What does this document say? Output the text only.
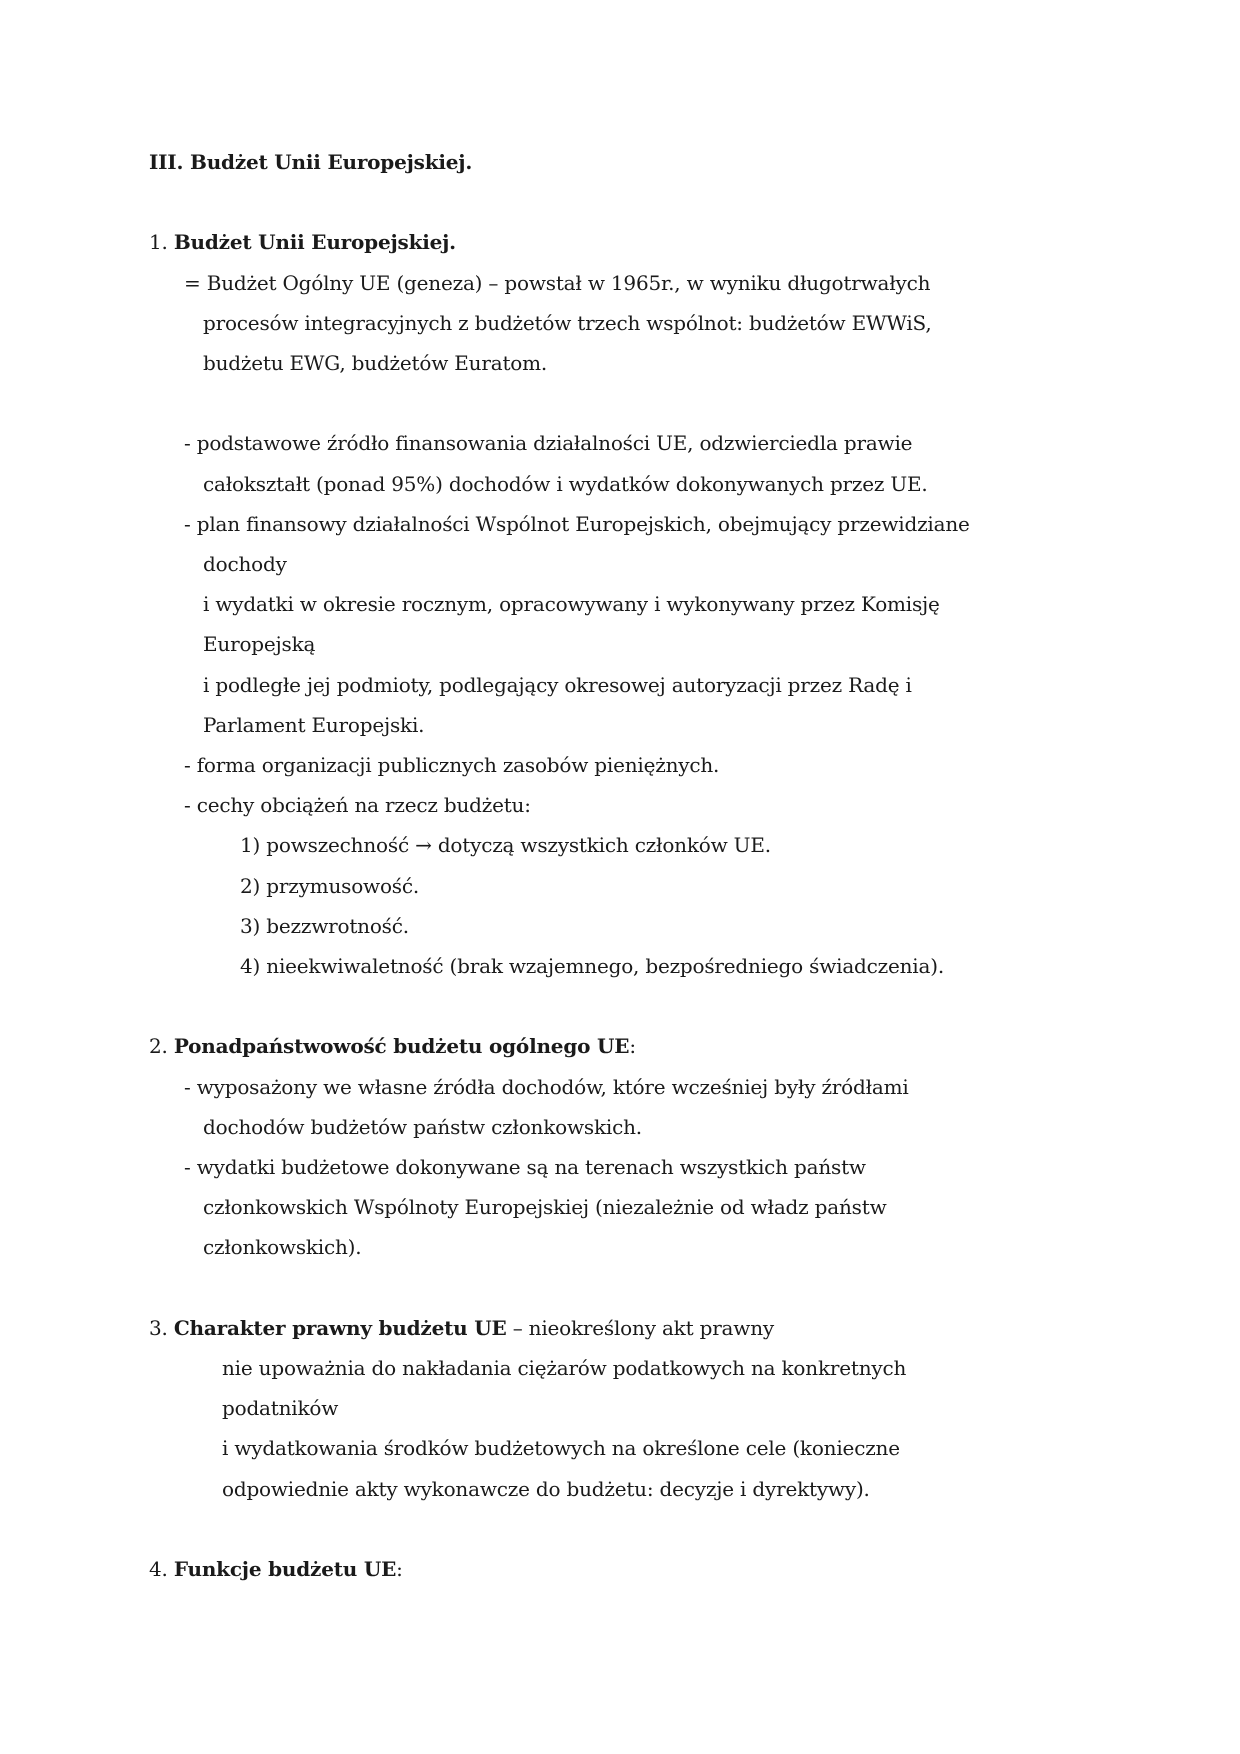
III. Budżet Unii Europejskiej.
1. Budżet Unii Europejskiej.
= Budżet Ogólny UE (geneza) – powstał w 1965r., w wyniku długotrwałych
procesów integracyjnych z budżetów trzech wspólnot: budżetów EWWiS,
budżetu EWG, budżetów Euratom.
- podstawowe źródło finansowania działalności UE, odzwierciedla prawie
całokształt (ponad 95%) dochodów i wydatków dokonywanych przez UE.
- plan finansowy działalności Wspólnot Europejskich, obejmujący przewidziane
dochody
i wydatki w okresie rocznym, opracowywany i wykonywany przez Komisję
Europejską
i podległe jej podmioty, podlegający okresowej autoryzacji przez Radę i
Parlament Europejski.
- forma organizacji publicznych zasobów pieniężnych.
- cechy obciążeń na rzecz budżetu:
1) powszechność → dotyczą wszystkich członków UE.
2) przymusowość.
3) bezzwrotność.
4) nieekwiwaletność (brak wzajemnego, bezpośredniego świadczenia).
2. Ponadpaństwowość budżetu ogólnego UE:
- wyposażony we własne źródła dochodów, które wcześniej były źródłami
dochodów budżetów państw członkowskich.
- wydatki budżetowe dokonywane są na terenach wszystkich państw
członkowskich Wspólnoty Europejskiej (niezależnie od władz państw
członkowskich).
3. Charakter prawny budżetu UE – nieokreślony akt prawny
nie upoważnia do nakładania ciężarów podatkowych na konkretnych
podatników
i wydatkowania środków budżetowych na określone cele (konieczne
odpowiednie akty wykonawcze do budżetu: decyzje i dyrektywy).
4. Funkcje budżetu UE:
